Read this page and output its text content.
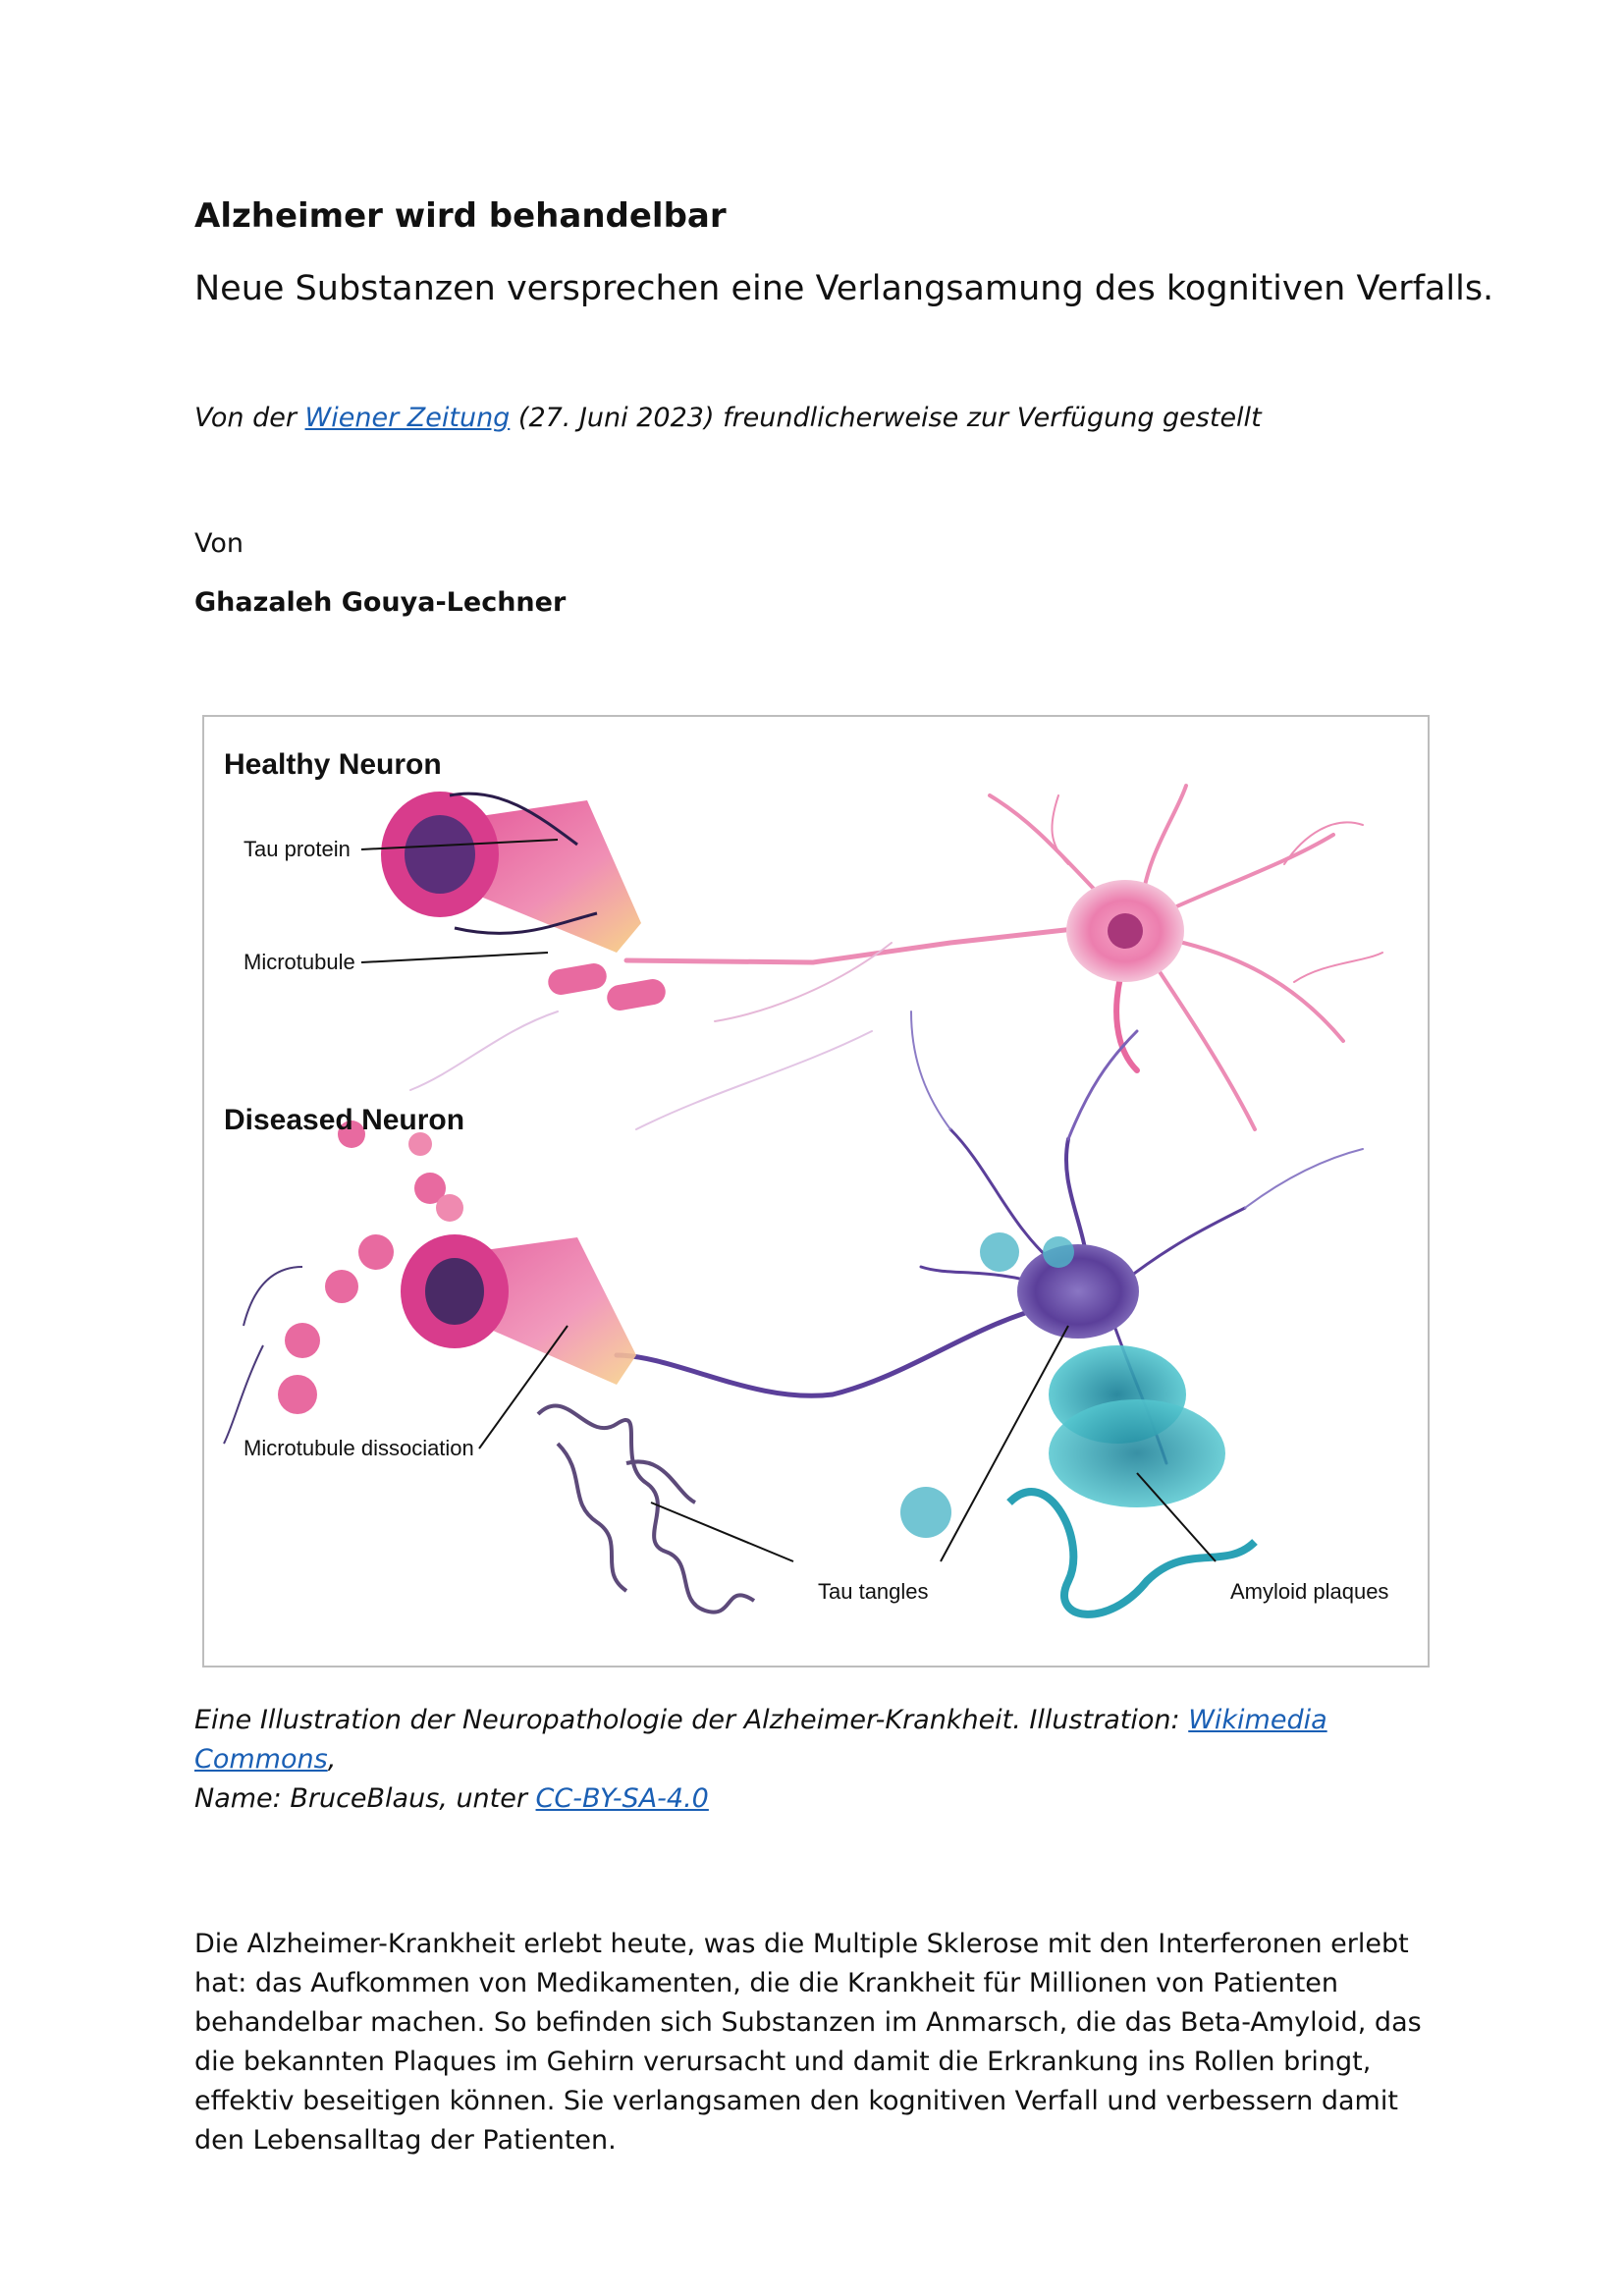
Alzheimer wird behandelbar
Neue Substanzen versprechen eine Verlangsamung des kognitiven Verfalls.
Von der Wiener Zeitung (27. Juni 2023) freundlicherweise zur Verfügung gestellt
Von
Ghazaleh Gouya-Lechner
Healthy Neuron
Tau protein
Microtubule
Diseased Neuron
Microtubule dissociation
Tau tangles	Amyloid plaques
Eine Illustration der Neuropathologie der Alzheimer-Krankheit. Illustration: Wikimedia Commons,
Name: BruceBlaus, unter CC-BY-SA-4.0
Die Alzheimer-Krankheit erlebt heute, was die Multiple Sklerose mit den Interferonen erlebt hat: das Aufkommen von Medikamenten, die die Krankheit für Millionen von Patienten behandelbar machen. So befinden sich Substanzen im Anmarsch, die das Beta-Amyloid, das die bekannten Plaques im Gehirn verursacht und damit die Erkrankung ins Rollen bringt, effektiv beseitigen können. Sie verlangsamen den kognitiven Verfall und verbessern damit den Lebensalltag der Patienten.
